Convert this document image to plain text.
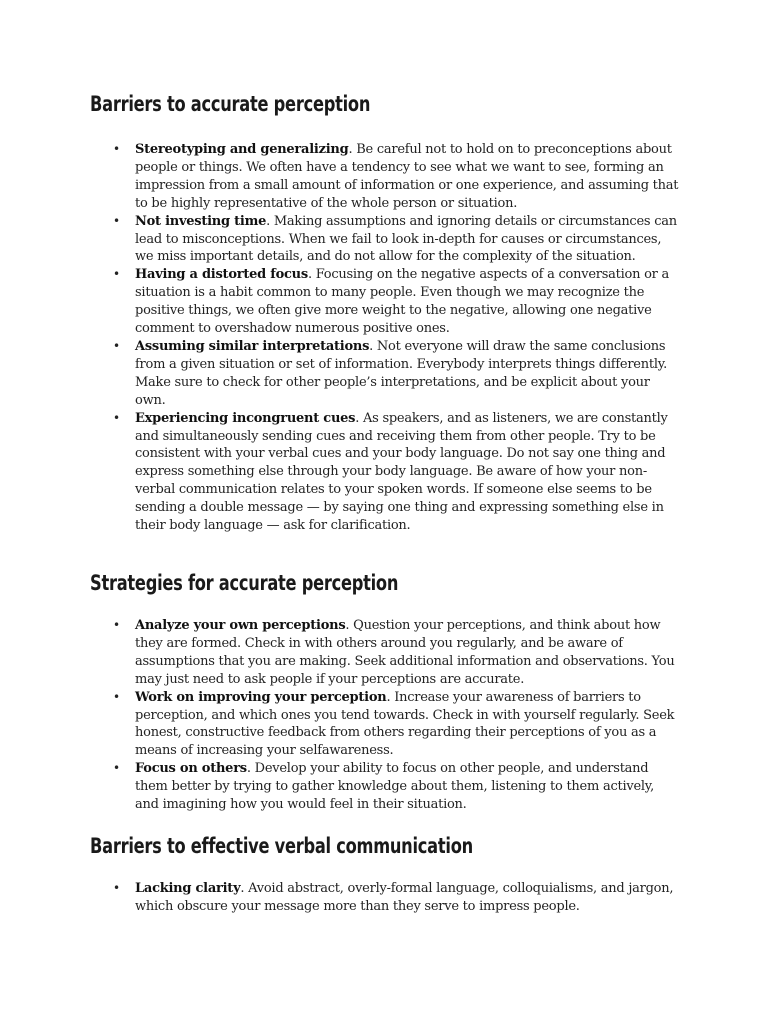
Barriers to accurate perception
• Stereotyping and generalizing. Be careful not to hold on to preconceptions about people or things. We often have a tendency to see what we want to see, forming an impression from a small amount of information or one experience, and assuming that to be highly representative of the whole person or situation.
• Not investing time. Making assumptions and ignoring details or circumstances can lead to misconceptions. When we fail to look in-depth for causes or circumstances, we miss important details, and do not allow for the complexity of the situation.
• Having a distorted focus. Focusing on the negative aspects of a conversation or a situation is a habit common to many people. Even though we may recognize the positive things, we often give more weight to the negative, allowing one negative comment to overshadow numerous positive ones.
• Assuming similar interpretations. Not everyone will draw the same conclusions from a given situation or set of information. Everybody interprets things differently. Make sure to check for other people’s interpretations, and be explicit about your own.
• Experiencing incongruent cues. As speakers, and as listeners, we are constantly and simultaneously sending cues and receiving them from other people. Try to be consistent with your verbal cues and your body language. Do not say one thing and express something else through your body language. Be aware of how your non-verbal communication relates to your spoken words. If someone else seems to be sending a double message — by saying one thing and expressing something else in their body language — ask for clarification.
Strategies for accurate perception
• Analyze your own perceptions. Question your perceptions, and think about how they are formed. Check in with others around you regularly, and be aware of assumptions that you are making. Seek additional information and observations. You may just need to ask people if your perceptions are accurate.
• Work on improving your perception. Increase your awareness of barriers to perception, and which ones you tend towards. Check in with yourself regularly. Seek honest, constructive feedback from others regarding their perceptions of you as a means of increasing your selfawareness.
• Focus on others. Develop your ability to focus on other people, and understand them better by trying to gather knowledge about them, listening to them actively, and imagining how you would feel in their situation.
Barriers to effective verbal communication
• Lacking clarity. Avoid abstract, overly-formal language, colloquialisms, and jargon, which obscure your message more than they serve to impress people.
